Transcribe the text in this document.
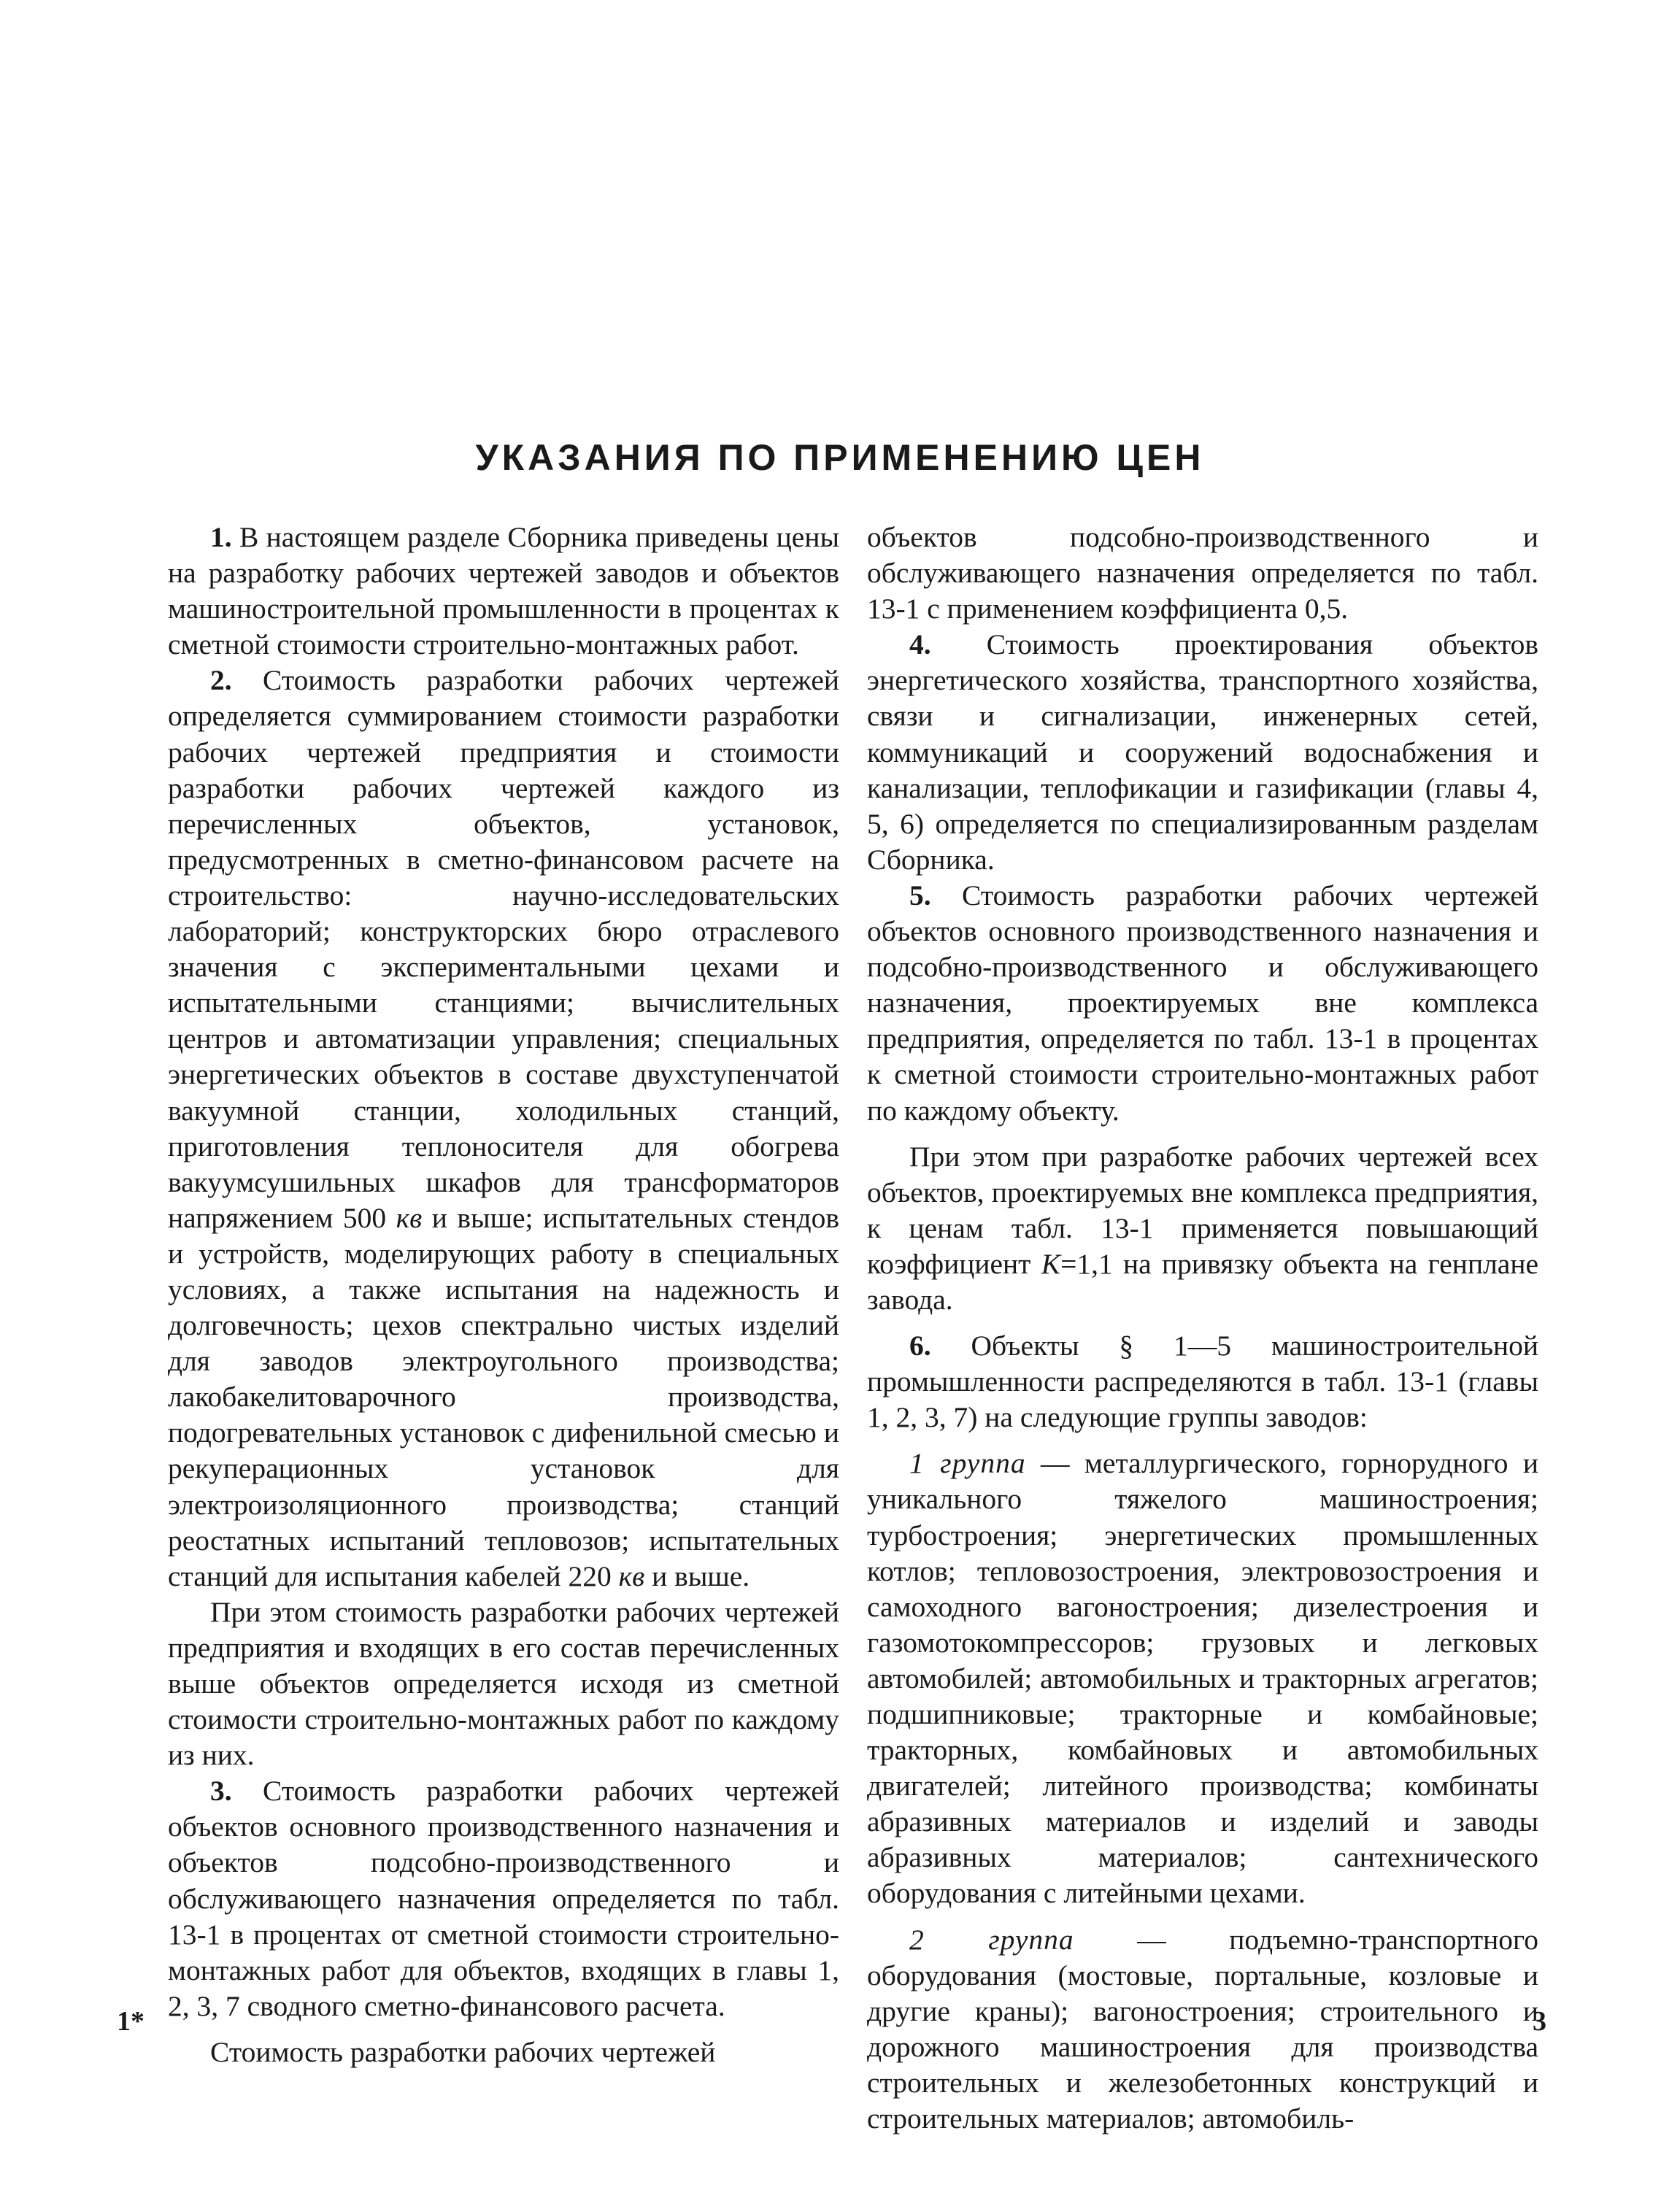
УКАЗАНИЯ ПО ПРИМЕНЕНИЮ ЦЕН

1. В настоящем разделе Сборника приведены цены на разработку рабочих чертежей заводов и объектов машиностроительной промышленности в процентах к сметной стоимости строительно-монтажных работ.

2. Стоимость разработки рабочих чертежей определяется суммированием стоимости разработки рабочих чертежей предприятия и стоимости разработки рабочих чертежей каждого из перечисленных объектов, установок, предусмотренных в сметно-финансовом расчете на строительство: научно-исследовательских лабораторий; конструкторских бюро отраслевого значения с экспериментальными цехами и испытательными станциями; вычислительных центров и автоматизации управления; специальных энергетических объектов в составе двухступенчатой вакуумной станции, холодильных станций, приготовления теплоносителя для обогрева вакуумсушильных шкафов для трансформаторов напряжением 500 кв и выше; испытательных стендов и устройств, моделирующих работу в специальных условиях, а также испытания на надежность и долговечность; цехов спектрально чистых изделий для заводов электроугольного производства; лакобакелитоварочного производства, подогревательных установок с дифенильной смесью и рекуперационных установок для электроизоляционного производства; станций реостатных испытаний тепловозов; испытательных станций для испытания кабелей 220 кв и выше.

При этом стоимость разработки рабочих чертежей предприятия и входящих в его состав перечисленных выше объектов определяется исходя из сметной стоимости строительно-монтажных работ по каждому из них.

3. Стоимость разработки рабочих чертежей объектов основного производственного назначения и объектов подсобно-производственного и обслуживающего назначения определяется по табл. 13-1 в процентах от сметной стоимости строительно-монтажных работ для объектов, входящих в главы 1, 2, 3, 7 сводного сметно-финансового расчета.

Стоимость разработки рабочих чертежей

объектов подсобно-производственного и обслуживающего назначения определяется по табл. 13-1 с применением коэффициента 0,5.

4. Стоимость проектирования объектов энергетического хозяйства, транспортного хозяйства, связи и сигнализации, инженерных сетей, коммуникаций и сооружений водоснабжения и канализации, теплофикации и газификации (главы 4, 5, 6) определяется по специализированным разделам Сборника.

5. Стоимость разработки рабочих чертежей объектов основного производственного назначения и подсобно-производственного и обслуживающего назначения, проектируемых вне комплекса предприятия, определяется по табл. 13-1 в процентах к сметной стоимости строительно-монтажных работ по каждому объекту.

При этом при разработке рабочих чертежей всех объектов, проектируемых вне комплекса предприятия, к ценам табл. 13-1 применяется повышающий коэффициент K=1,1 на привязку объекта на генплане завода.

6. Объекты § 1—5 машиностроительной промышленности распределяются в табл. 13-1 (главы 1, 2, 3, 7) на следующие группы заводов:

1 группа — металлургического, горнорудного и уникального тяжелого машиностроения; турбостроения; энергетических промышленных котлов; тепловозостроения, электровозостроения и самоходного вагоностроения; дизелестроения и газомотокомпрессоров; грузовых и легковых автомобилей; автомобильных и тракторных агрегатов; подшипниковые; тракторные и комбайновые; тракторных, комбайновых и автомобильных двигателей; литейного производства; комбинаты абразивных материалов и изделий и заводы абразивных материалов; сантехнического оборудования с литейными цехами.

2 группа — подъемно-транспортного оборудования (мостовые, портальные, козловые и другие краны); вагоностроения; строительного и дорожного машиностроения для производства строительных и железобетонных конструкций и строительных материалов; автомобиль-

1*	3
